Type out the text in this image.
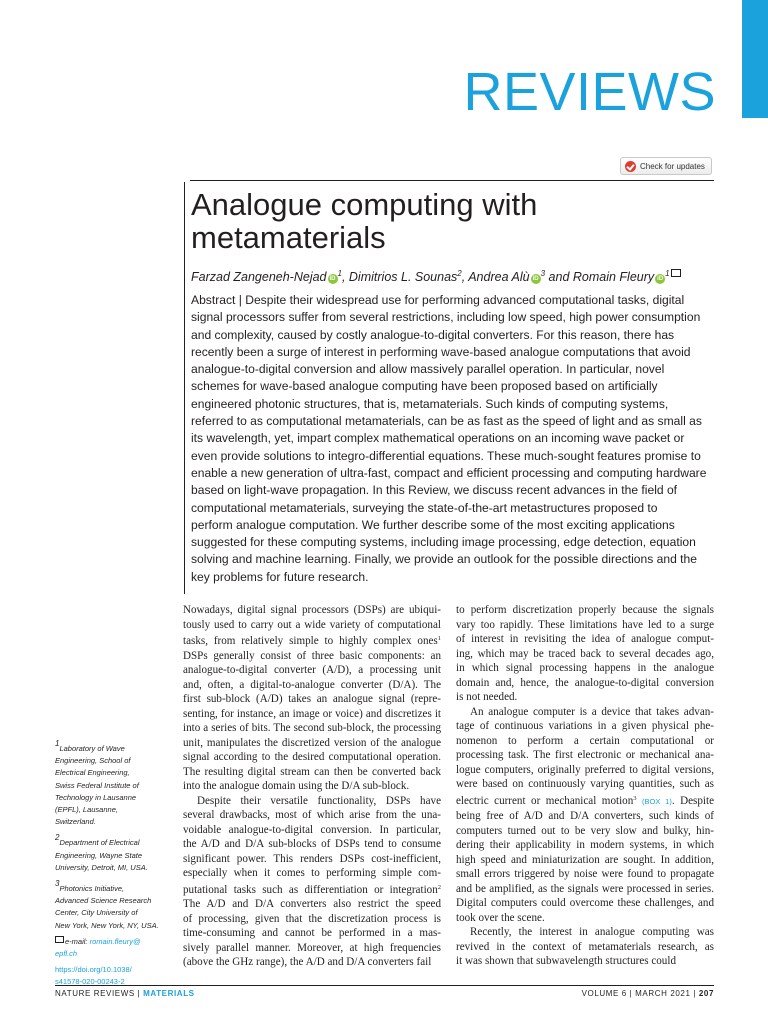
REVIEWS
Check for updates
Analogue computing with
metamaterials
Farzad Zangeneh-Nejad $iD^1$, Dimitrios L. Sounas$^2$, Andrea Alù $iD^3$ and Romain Fleury $iD^1$
Abstract | Despite their widespread use for performing advanced computational tasks, digital
signal processors suffer from several restrictions, including low speed, high power consumption
and complexity, caused by costly analogue-to-digital converters. For this reason, there has
recently been a surge of interest in performing wave-based analogue computations that avoid
analogue-to-digital conversion and allow massively parallel operation. In particular, novel
schemes for wave-based analogue computing have been proposed based on artificially
engineered photonic structures, that is, metamaterials. Such kinds of computing systems,
referred to as computational metamaterials, can be as fast as the speed of light and as small as
its wavelength, yet, impart complex mathematical operations on an incoming wave packet or
even provide solutions to integro-differential equations. These much-sought features promise to
enable a new generation of ultra-fast, compact and efficient processing and computing hardware
based on light-wave propagation. In this Review, we discuss recent advances in the field of
computational metamaterials, surveying the state-of-the-art metastructures proposed to
perform analogue computation. We further describe some of the most exciting applications
suggested for these computing systems, including image processing, edge detection, equation
solving and machine learning. Finally, we provide an outlook for the possible directions and the
key problems for future research.
1Laboratory of Wave
Engineering, School of
Electrical Engineering,
Swiss Federal Institute of
Technology in Lausanne
(EPFL), Lausanne,
Switzerland.
2Department of Electrical
Engineering, Wayne State
University, Detroit, MI, USA.
3Photonics Initiative,
Advanced Science Research
Center, City University of
New York, New York, NY, USA.
e-mail: romain.fleury@
epfl.ch
https://doi.org/10.1038/
s41578-020-00243-2
Nowadays, digital signal processors (DSPs) are ubiqui-
tously used to carry out a wide variety of computational
tasks, from relatively simple to highly complex ones$^1$
DSPs generally consist of three basic components: an
analogue-to-digital converter (A/D), a processing unit
and, often, a digital-to-analogue converter (D/A). The
first sub-block (A/D) takes an analogue signal (repre-
senting, for instance, an image or voice) and discretizes it
into a series of bits. The second sub-block, the processing
unit, manipulates the discretized version of the analogue
signal according to the desired computational operation.
The resulting digital stream can then be converted back
into the analogue domain using the D/A sub-block.
Despite their versatile functionality, DSPs have
several drawbacks, most of which arise from the una-
voidable analogue-to-digital conversion. In particular,
the A/D and D/A sub-blocks of DSPs tend to consume
significant power. This renders DSPs cost-inefficient,
especially when it comes to performing simple com-
putational tasks such as differentiation or integration$^2$
The A/D and D/A converters also restrict the speed
of processing, given that the discretization process is
time-consuming and cannot be performed in a mas-
sively parallel manner. Moreover, at high frequencies
(above the GHz range), the A/D and D/A converters fail
to perform discretization properly because the signals
vary too rapidly. These limitations have led to a surge
of interest in revisiting the idea of analogue comput-
ing, which may be traced back to several decades ago,
in which signal processing happens in the analogue
domain and, hence, the analogue-to-digital conversion
is not needed.
An analogue computer is a device that takes advan-
tage of continuous variations in a given physical phe-
nomenon to perform a certain computational or
processing task. The first electronic or mechanical ana-
logue computers, originally preferred to digital versions,
were based on continuously varying quantities, such as
electric current or mechanical motion$^3$ (BOX 1). Despite
being free of A/D and D/A converters, such kinds of
computers turned out to be very slow and bulky, hin-
dering their applicability in modern systems, in which
high speed and miniaturization are sought. In addition,
small errors triggered by noise were found to propagate
and be amplified, as the signals were processed in series.
Digital computers could overcome these challenges, and
took over the scene.
Recently, the interest in analogue computing was
revived in the context of metamaterials research, as
it was shown that subwavelength structures could
NATURE REVIEWS | MATERIALS	VOLUME 6 | MARCH 2021 | 207
